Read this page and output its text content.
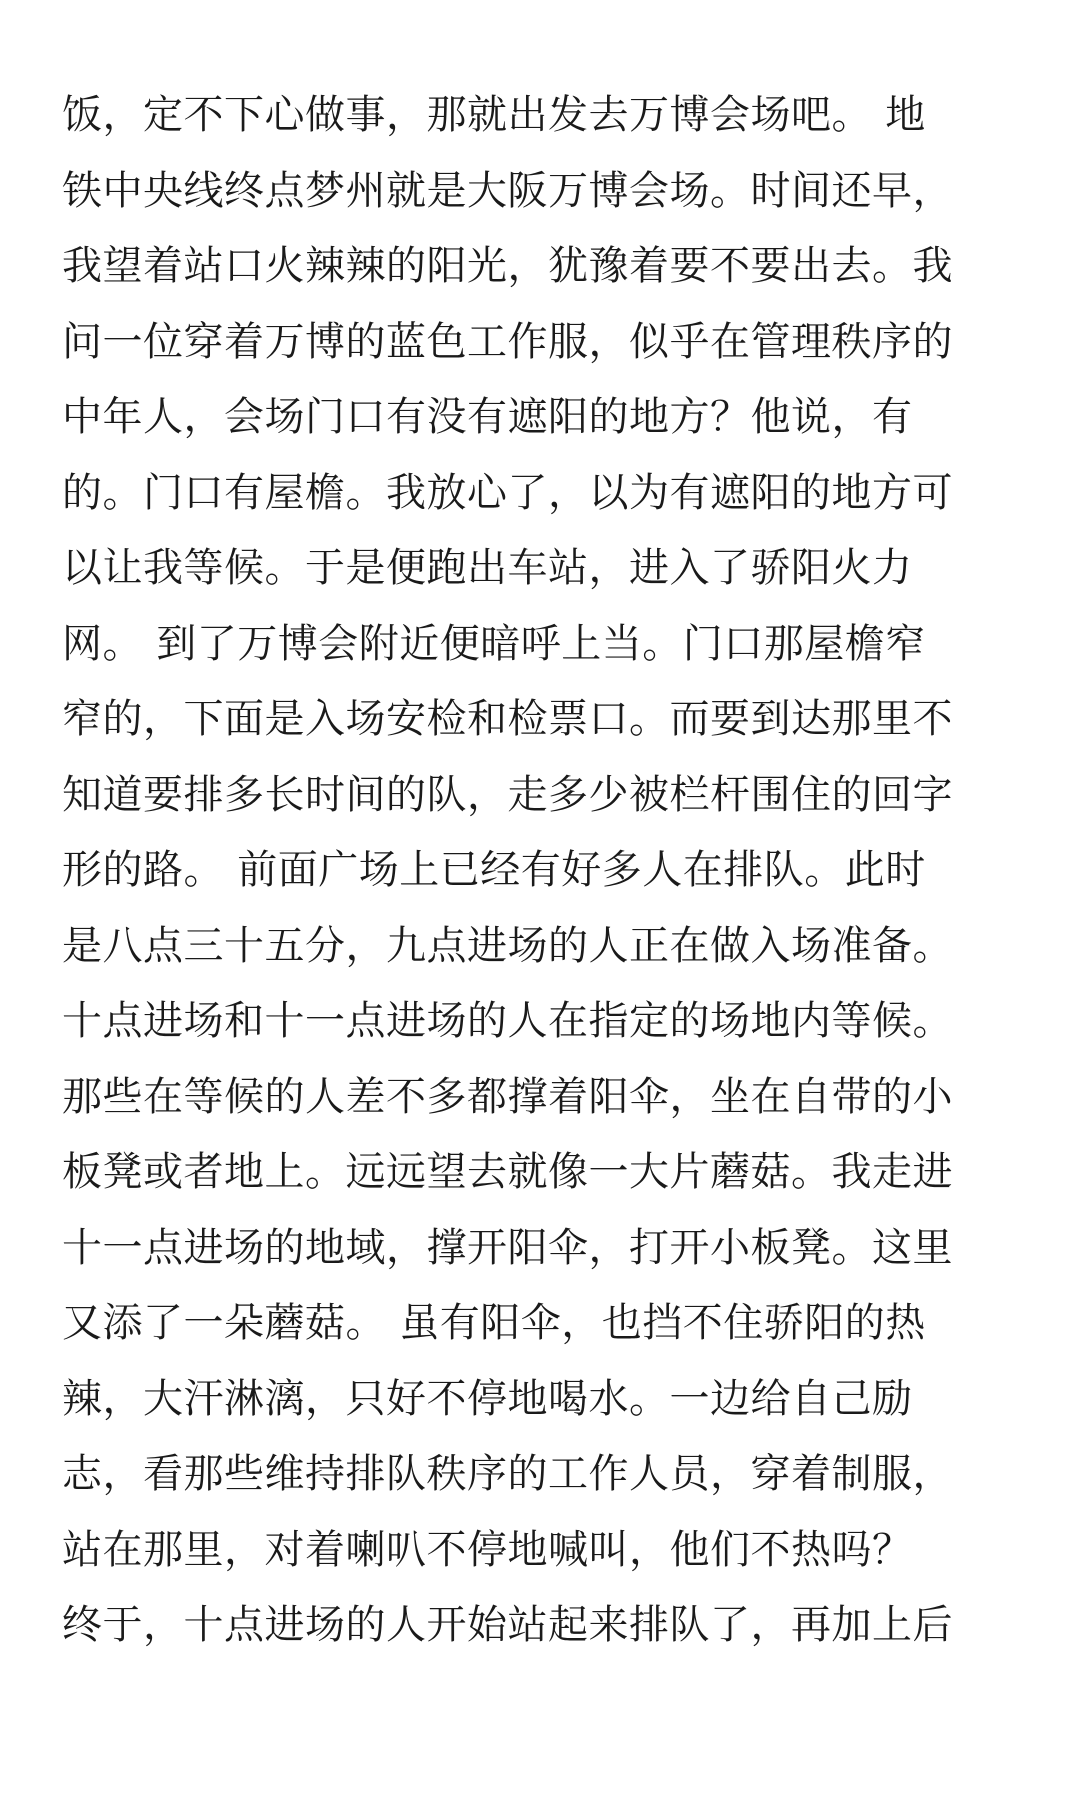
饭，定不下心做事，那就出发去万博会场吧。 地
铁中央线终点梦州就是大阪万博会场。时间还早，
我望着站口火辣辣的阳光，犹豫着要不要出去。我
问一位穿着万博的蓝色工作服，似乎在管理秩序的
中年人，会场门口有没有遮阳的地方？他说，有
的。门口有屋檐。我放心了，以为有遮阳的地方可
以让我等候。于是便跑出车站，进入了骄阳火力
网。 到了万博会附近便暗呼上当。门口那屋檐窄
窄的，下面是入场安检和检票口。而要到达那里不
知道要排多长时间的队，走多少被栏杆围住的回字
形的路。 前面广场上已经有好多人在排队。此时
是八点三十五分，九点进场的人正在做入场准备。
十点进场和十一点进场的人在指定的场地内等候。
那些在等候的人差不多都撑着阳伞，坐在自带的小
板凳或者地上。远远望去就像一大片蘑菇。我走进
十一点进场的地域，撑开阳伞，打开小板凳。这里
又添了一朵蘑菇。 虽有阳伞，也挡不住骄阳的热
辣，大汗淋漓，只好不停地喝水。一边给自己励
志，看那些维持排队秩序的工作人员，穿着制服，
站在那里，对着喇叭不停地喊叫，他们不热吗？
终于，十点进场的人开始站起来排队了，再加上后
